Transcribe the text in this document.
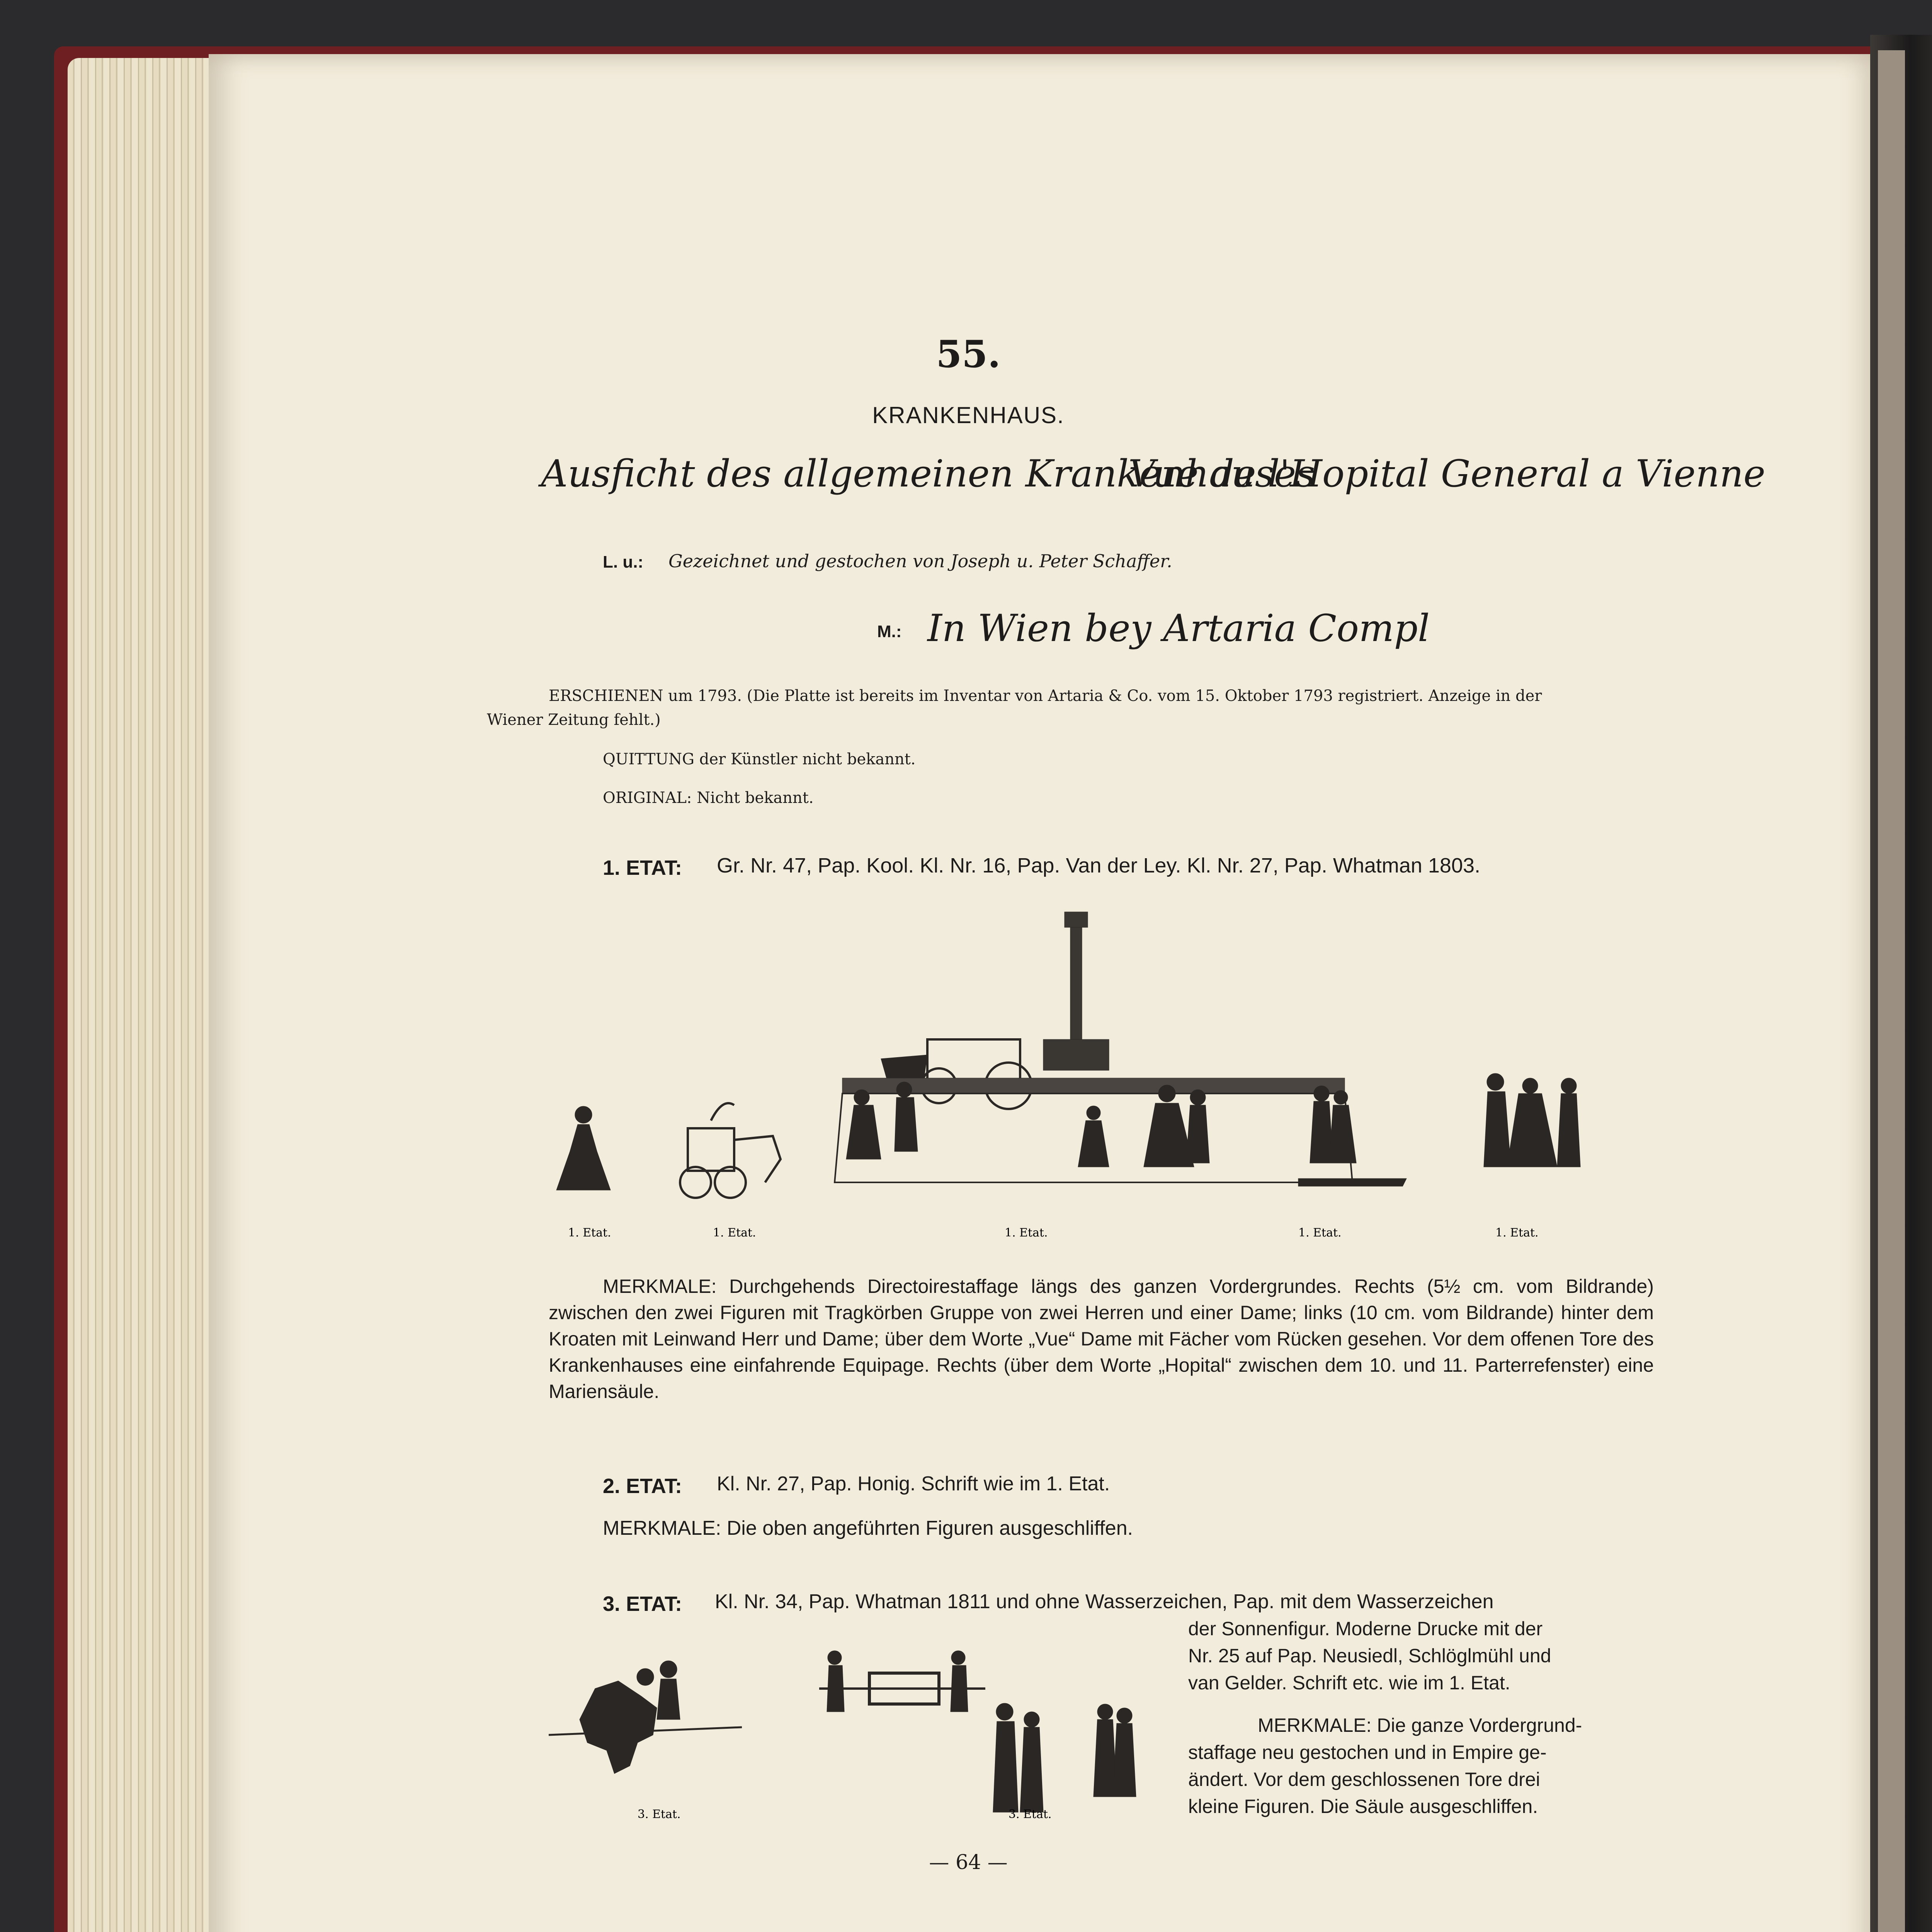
55.
KRANKENHAUS.
Ausficht des allgemeinen Krankenhauses
Vue de l'Hopital General a Vienne
L. u.: Gezeichnet und gestochen von Joseph u. Peter Schaffer.
M.: In Wien bey Artaria Compl
ERSCHIENEN um 1793. (Die Platte ist bereits im Inventar von Artaria & Co. vom 15. Oktober 1793 registriert. Anzeige in der Wiener Zeitung fehlt.)
QUITTUNG der Künstler nicht bekannt.
ORIGINAL: Nicht bekannt.
1. ETAT: Gr. Nr. 47, Pap. Kool. Kl. Nr. 16, Pap. Van der Ley. Kl. Nr. 27, Pap. Whatman 1803.
1. Etat.	1. Etat.	1. Etat.	1. Etat.	1. Etat.
MERKMALE: Durchgehends Directoirestaffage längs des ganzen Vordergrundes. Rechts (5½ cm. vom Bildrande) zwischen den zwei Figuren mit Tragkörben Gruppe von zwei Herren und einer Dame; links (10 cm. vom Bildrande) hinter dem Kroaten mit Leinwand Herr und Dame; über dem Worte „Vue“ Dame mit Fächer vom Rücken gesehen. Vor dem offenen Tore des Krankenhauses eine einfahrende Equipage. Rechts (über dem Worte „Hopital“ zwischen dem 10. und 11. Parterrefenster) eine Mariensäule.
2. ETAT: Kl. Nr. 27, Pap. Honig. Schrift wie im 1. Etat.
MERKMALE: Die oben angeführten Figuren ausgeschliffen.
3. ETAT: Kl. Nr. 34, Pap. Whatman 1811 und ohne Wasserzeichen, Pap. mit dem Wasserzeichen
der Sonnenfigur. Moderne Drucke mit der
Nr. 25 auf Pap. Neusiedl, Schlöglmühl und
van Gelder. Schrift etc. wie im 1. Etat.
MERKMALE: Die ganze Vordergrund-
staffage neu gestochen und in Empire ge-
ändert. Vor dem geschlossenen Tore drei
kleine Figuren. Die Säule ausgeschliffen.
3. Etat.	3. Etat.
— 64 —
